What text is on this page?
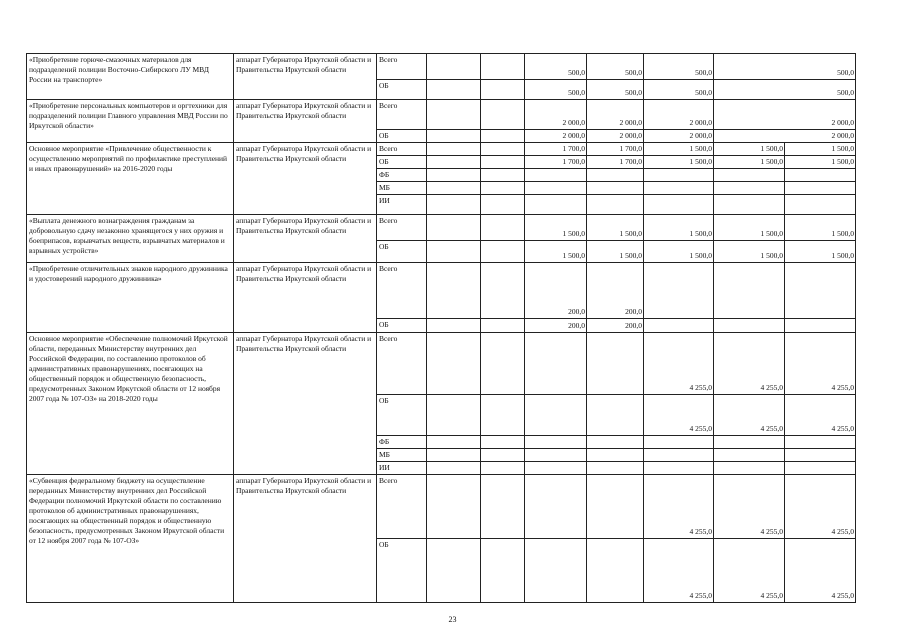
«Приобретение горюче-смазочных материалов для подразделений полиции Восточно-Сибирского ЛУ МВД России на транспорте»	аппарат Губернатора Иркутской области и Правительства Иркутской области	Всего			500,0	500,0	500,0	500,0	
		ОБ			500,0	500,0	500,0	500,0	
«Приобретение персональных компьютеров и оргтехники для подразделений полиции Главного управления МВД России по Иркутской области»	аппарат Губернатора Иркутской области и Правительства Иркутской области	Всего			2 000,0	2 000,0	2 000,0	2 000,0	
		ОБ			2 000,0	2 000,0	2 000,0	2 000,0	
Основное мероприятие «Привлечение общественности к осуществлению мероприятий по профилактике преступлений и иных правонарушений» на 2016-2020 годы	аппарат Губернатора Иркутской области и Правительства Иркутской области	Всего			1 700,0	1 700,0	1 500,0	1 500,0	1 500,0
		ОБ			1 700,0	1 700,0	1 500,0	1 500,0	1 500,0
		ФБ							
		МБ							
		ИИ							
«Выплата денежного вознаграждения гражданам за добровольную сдачу незаконно хранящегося у них оружия и боеприпасов, взрывчатых веществ, взрывчатых материалов и взрывных устройств»	аппарат Губернатора Иркутской области и Правительства Иркутской области	Всего			1 500,0	1 500,0	1 500,0	1 500,0	1 500,0
		ОБ			1 500,0	1 500,0	1 500,0	1 500,0	1 500,0
«Приобретение отличительных знаков народного дружинника и удостоверений народного дружинника»	аппарат Губернатора Иркутской области и Правительства Иркутской области	Всего			200,0	200,0			
		ОБ			200,0	200,0			
Основное мероприятие «Обеспечение полномочий Иркутской области, переданных Министерству внутренних дел Российской Федерации, по составлению протоколов об административных правонарушениях, посягающих на общественный порядок и общественную безопасность, предусмотренных Законом Иркутской области от 12 ноября 2007 года № 107-ОЗ» на 2018-2020 годы	аппарат Губернатора Иркутской области и Правительства Иркутской области	Всего					4 255,0	4 255,0	4 255,0
		ОБ					4 255,0	4 255,0	4 255,0
		ФБ							
		МБ							
		ИИ							
«Субвенция федеральному бюджету на осуществление переданных Министерству внутренних дел Российской Федерации полномочий Иркутской области по составлению протоколов об административных правонарушениях, посягающих на общественный порядок и общественную безопасность, предусмотренных Законом Иркутской области от 12 ноября 2007 года № 107-ОЗ»	аппарат Губернатора Иркутской области и Правительства Иркутской области	Всего					4 255,0	4 255,0	4 255,0
		ОБ					4 255,0	4 255,0	4 255,0
23
